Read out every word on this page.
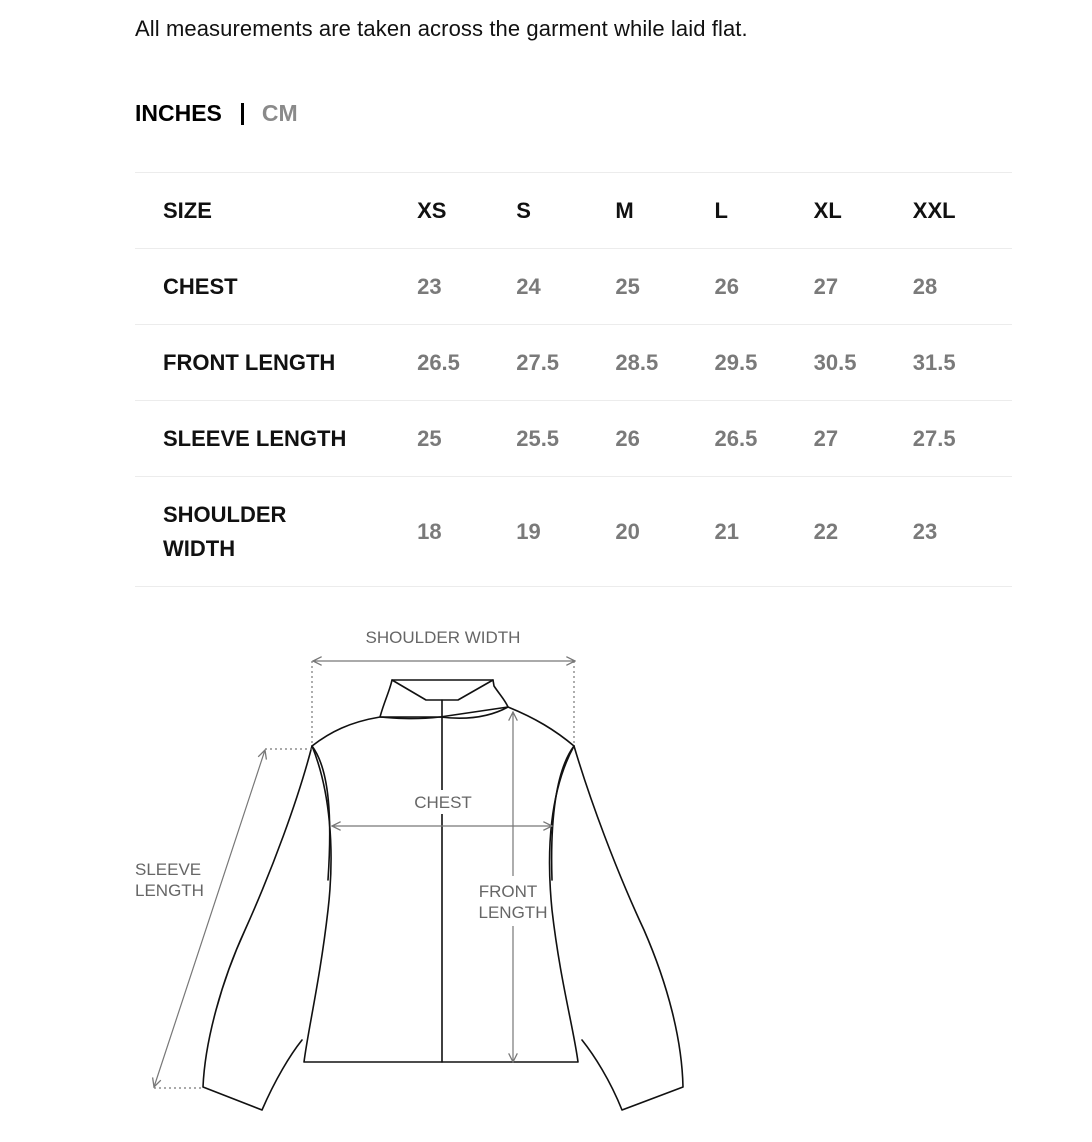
All measurements are taken across the garment while laid flat.
INCHES CM
SIZE	XS	S	M	L	XL	XXL
CHEST	23	24	25	26	27	28
FRONT LENGTH	26.5	27.5	28.5	29.5	30.5	31.5
SLEEVE LENGTH	25	25.5	26	26.5	27	27.5
SHOULDER
WIDTH	18	19	20	21	22	23
SHOULDER WIDTH
CHEST
FRONT
LENGTH
SLEEVE
LENGTH
